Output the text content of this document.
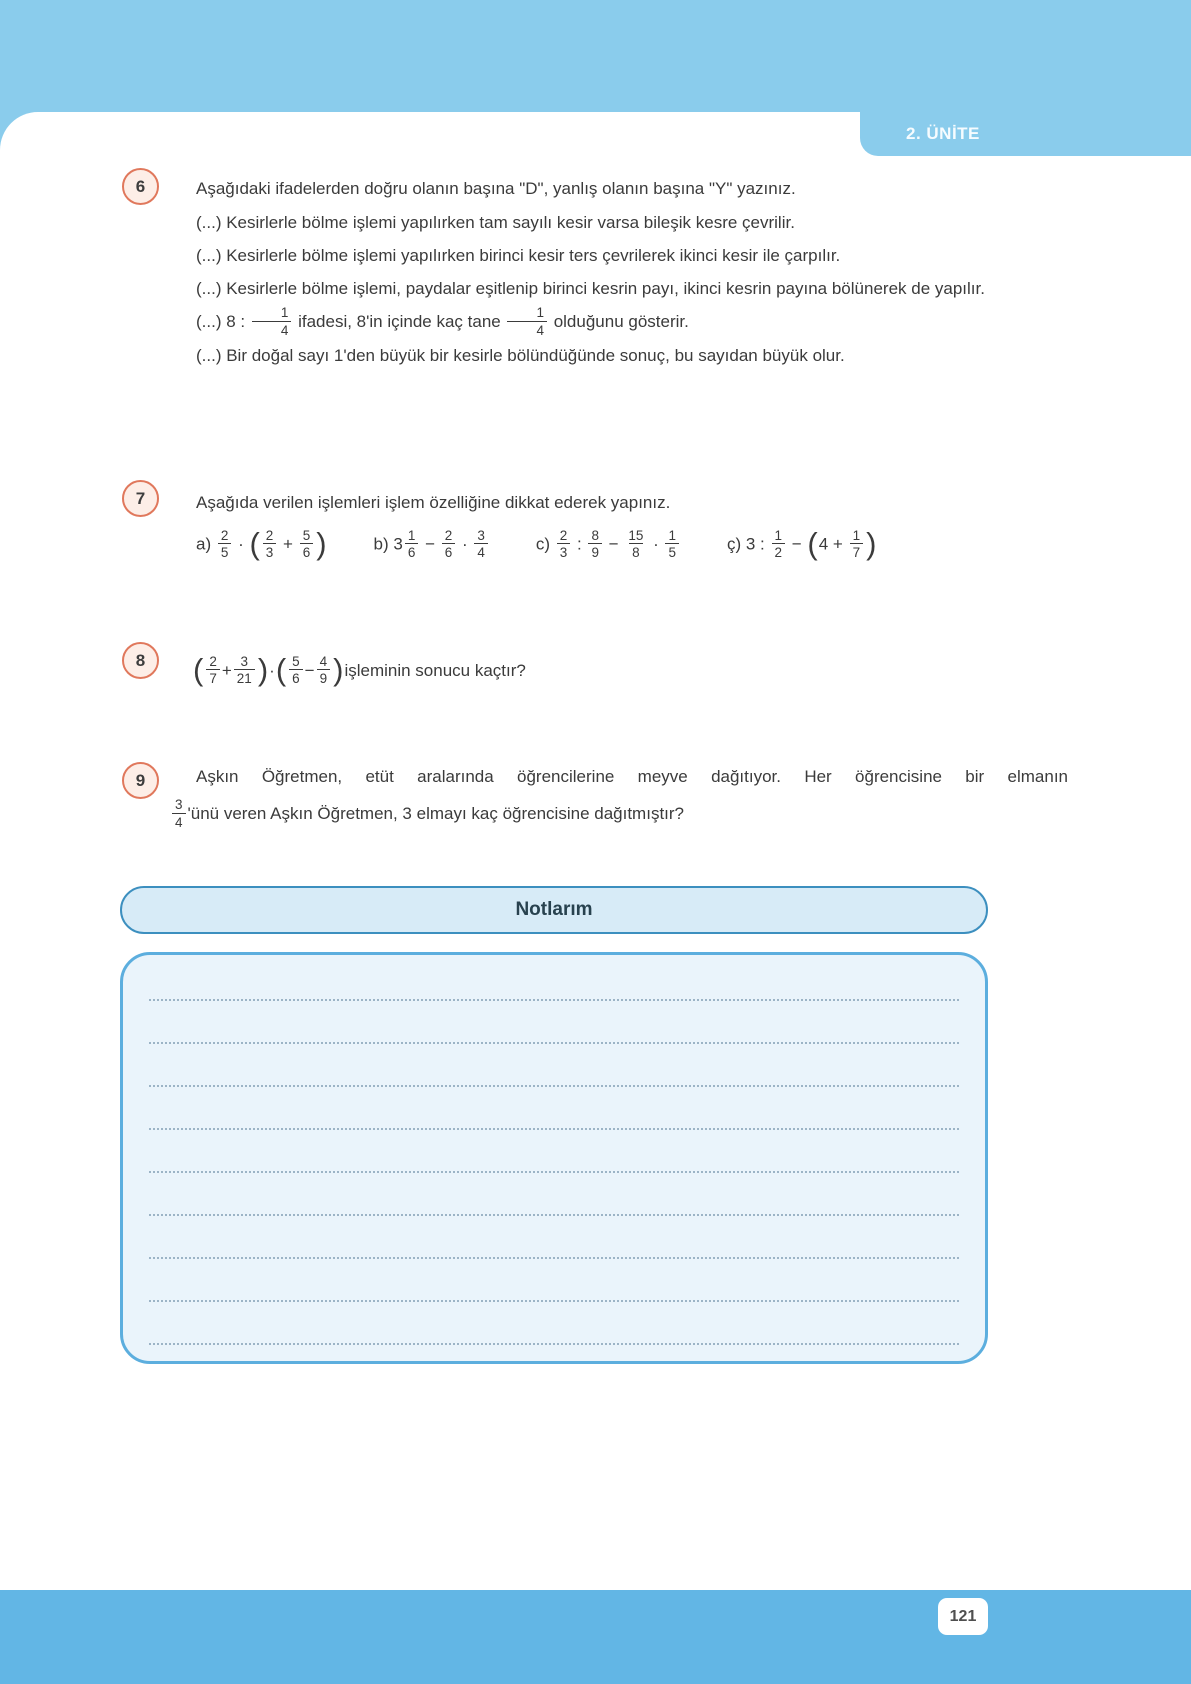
2. ÜNİTE
6	Aşağıdaki ifadelerden doğru olanın başına "D", yanlış olanın başına "Y" yazınız.

(...) Kesirlerle bölme işlemi yapılırken tam sayılı kesir varsa bileşik kesre çevrilir.

(...) Kesirlerle bölme işlemi yapılırken birinci kesir ters çevrilerek ikinci kesir ile çarpılır.

(...) Kesirlerle bölme işlemi, paydalar eşitlenip birinci kesrin payı, ikinci kesrin payına bölünerek de yapılır.

(...) 8 : $\frac{1}{4}$ ifadesi, 8'in içinde kaç tane $\frac{1}{4}$ olduğunu gösterir.

(...) Bir doğal sayı 1'den büyük bir kesirle bölündüğünde sonuç, bu sayıdan büyük olur.

7	Aşağıda verilen işlemleri işlem özelliğine dikkat ederek yapınız.

$a) \frac{2}{5}$ · ( $\frac{2}{3} + \frac{5}{6}$ )	b) $3 \frac{1}{6} - \frac{2}{6} \cdot \frac{3}{4}$	$c) \frac{2}{3}$ : $\frac{8}{9} - \frac{15}{8} \cdot \frac{1}{5}$	ç) 3 : $\frac{1}{2} - (4 + \frac{1}{7}$ )

8 ( $\frac{2}{7} + \frac{3}{21}$ ) · ( $\frac{5}{6} - \frac{4}{9}$ ) işleminin sonucu kaçtır?
9	Aşkın Öğretmen, etüt aralarında öğrencilerine meyve dağıtıyor. Her öğrencisine bir elmanın

$\frac{3}{4}$ 'ünü veren Aşkın Öğretmen, 3 elmayı kaç öğrencisine dağıtmıştır?

Notlarım
121
